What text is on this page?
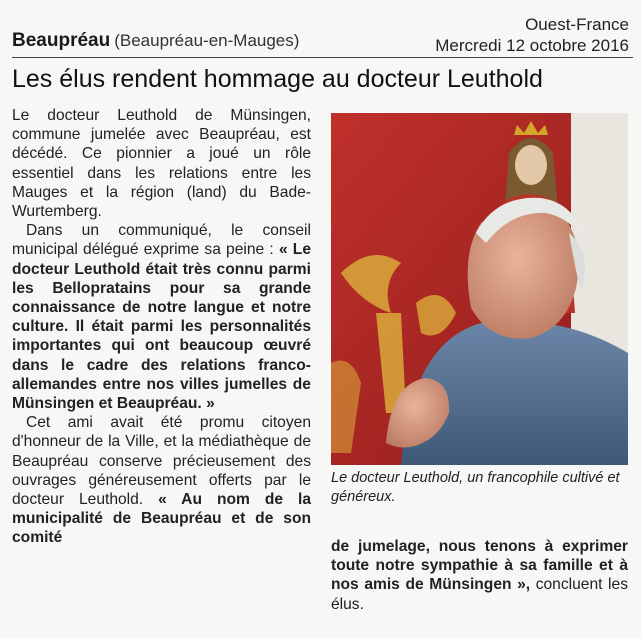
Beaupréau (Beaupréau-en-Mauges)
Ouest-France
Mercredi 12 octobre 2016
Les élus rendent hommage au docteur Leuthold

Le docteur Leuthold de Münsingen, commune jumelée avec Beaupréau, est décédé. Ce pionnier a joué un rôle essentiel dans les relations entre les Mauges et la région (land) du Bade-Wurtemberg.

Dans un communiqué, le conseil municipal délégué exprime sa peine : « Le docteur Leuthold était très connu parmi les Bellopratains pour sa grande connaissance de notre langue et notre culture. Il était parmi les personnalités importantes qui ont beaucoup œuvré dans le cadre des relations franco-allemandes entre nos villes jumelles de Münsingen et Beaupréau. »

Cet ami avait été promu citoyen d'honneur de la Ville, et la médiathèque de Beaupréau conserve précieusement des ouvrages généreusement offerts par le docteur Leuthold. « Au nom de la municipalité de Beaupréau et de son comité

Le docteur Leuthold, un francophile cultivé et généreux.

de jumelage, nous tenons à exprimer toute notre sympathie à sa famille et à nos amis de Münsingen », concluent les élus.
